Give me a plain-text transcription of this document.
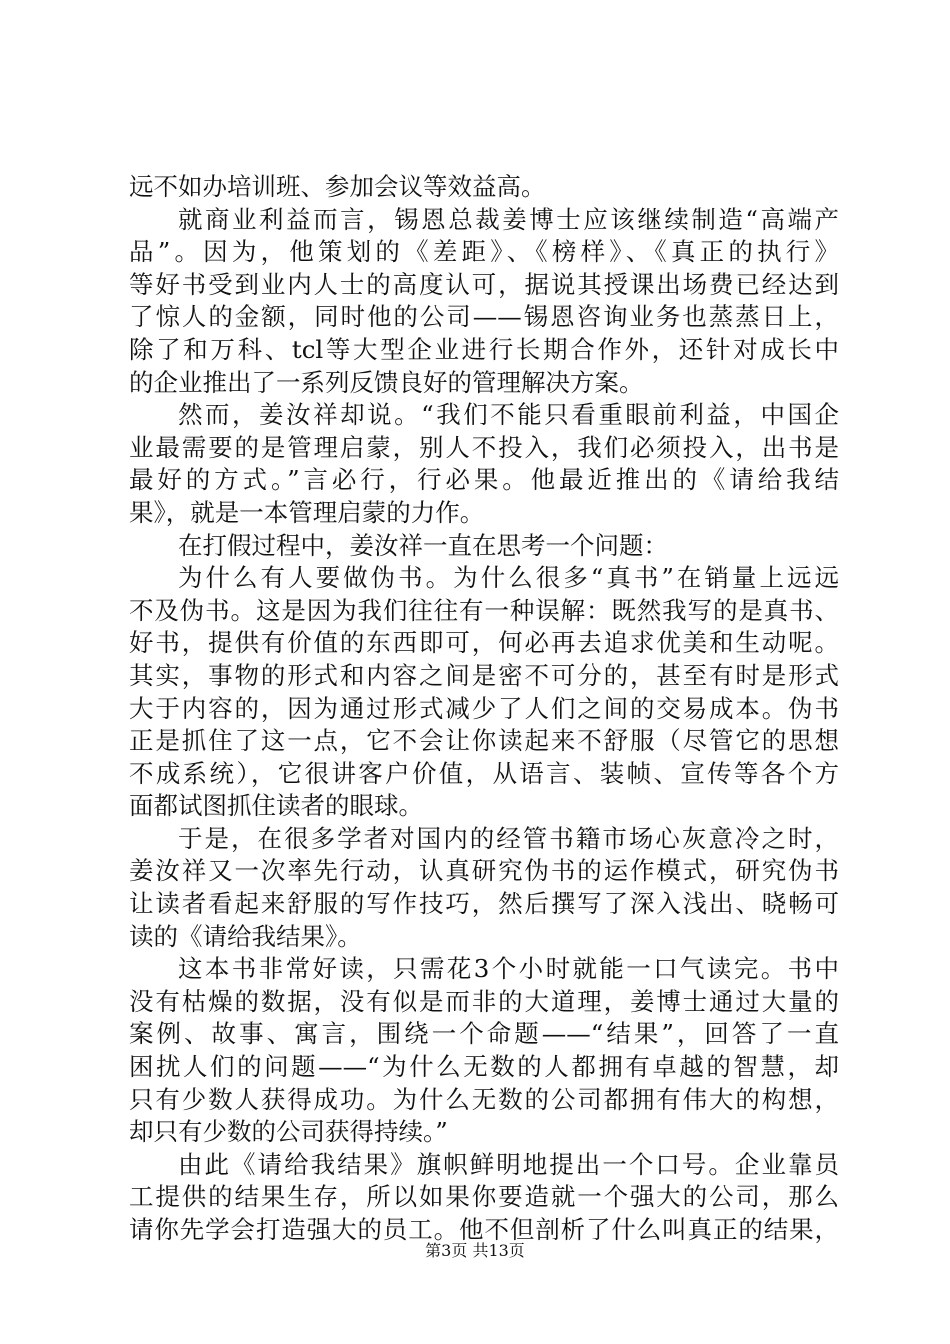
远不如办培训班、参加会议等效益高。
就商业利益而言，锡恩总裁姜博士应该继续制造“高端产
品”。因为，他策划的《差距》、《榜样》、《真正的执行》
等好书受到业内人士的高度认可，据说其授课出场费已经达到
了惊人的金额，同时他的公司——锡恩咨询业务也蒸蒸日上，
除了和万科、tcl等大型企业进行长期合作外，还针对成长中
的企业推出了一系列反馈良好的管理解决方案。
然而，姜汝祥却说。“我们不能只看重眼前利益，中国企
业最需要的是管理启蒙，别人不投入，我们必须投入，出书是
最好的方式。”言必行，行必果。他最近推出的《请给我结
果》，就是一本管理启蒙的力作。
在打假过程中，姜汝祥一直在思考一个问题：
为什么有人要做伪书。为什么很多“真书”在销量上远远
不及伪书。这是因为我们往往有一种误解：既然我写的是真书、
好书，提供有价值的东西即可，何必再去追求优美和生动呢。
其实，事物的形式和内容之间是密不可分的，甚至有时是形式
大于内容的，因为通过形式减少了人们之间的交易成本。伪书
正是抓住了这一点，它不会让你读起来不舒服（尽管它的思想
不成系统），它很讲客户价值，从语言、装帧、宣传等各个方
面都试图抓住读者的眼球。
于是，在很多学者对国内的经管书籍市场心灰意冷之时，
姜汝祥又一次率先行动，认真研究伪书的运作模式，研究伪书
让读者看起来舒服的写作技巧，然后撰写了深入浅出、晓畅可
读的《请给我结果》。
这本书非常好读，只需花3个小时就能一口气读完。书中
没有枯燥的数据，没有似是而非的大道理，姜博士通过大量的
案例、故事、寓言，围绕一个命题——“结果”，回答了一直
困扰人们的问题——“为什么无数的人都拥有卓越的智慧，却
只有少数人获得成功。为什么无数的公司都拥有伟大的构想，
却只有少数的公司获得持续。”
由此《请给我结果》旗帜鲜明地提出一个口号。企业靠员
工提供的结果生存，所以如果你要造就一个强大的公司，那么
请你先学会打造强大的员工。他不但剖析了什么叫真正的结果，
第3页 共13页
